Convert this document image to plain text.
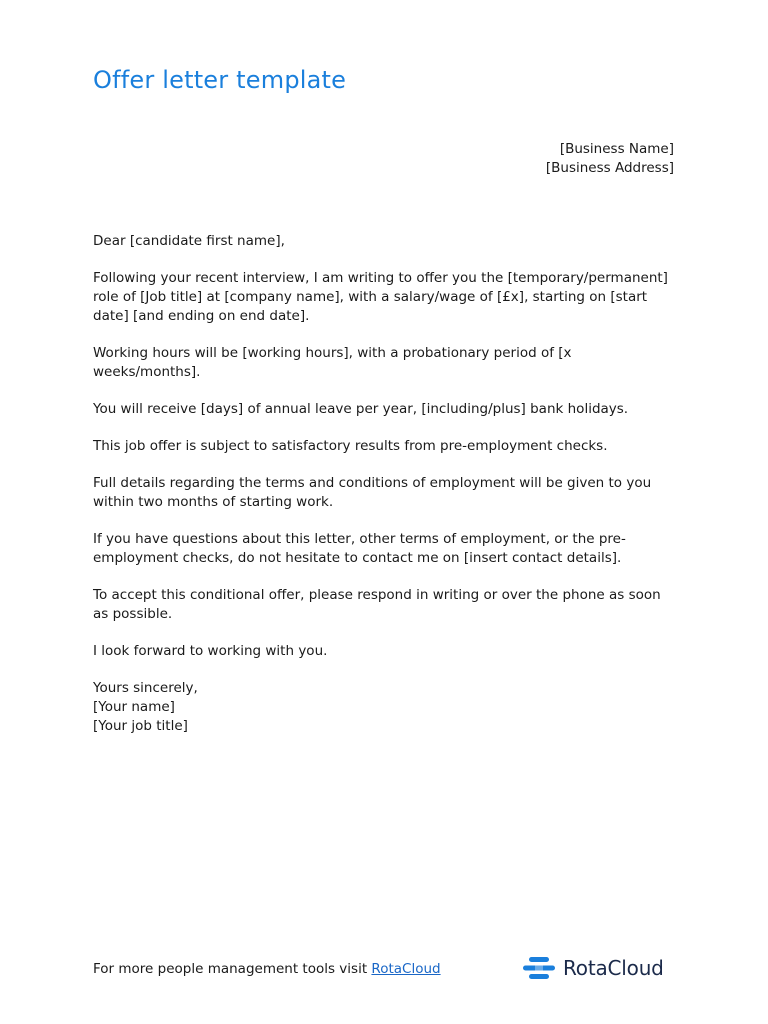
Offer letter template
[Business Name]
[Business Address]

Dear [candidate first name],

Following your recent interview, I am writing to offer you the [temporary/permanent] role of [Job title] at [company name], with a salary/wage of [£x], starting on [start date] [and ending on end date].

Working hours will be [working hours], with a probationary period of [x weeks/months].

You will receive [days] of annual leave per year, [including/plus] bank holidays.

This job offer is subject to satisfactory results from pre-employment checks.

Full details regarding the terms and conditions of employment will be given to you within two months of starting work.

If you have questions about this letter, other terms of employment, or the pre-employment checks, do not hesitate to contact me on [insert contact details].

To accept this conditional offer, please respond in writing or over the phone as soon as possible.

I look forward to working with you.

Yours sincerely,
[Your name]
[Your job title]
For more people management tools visit RotaCloud	RotaCloud
